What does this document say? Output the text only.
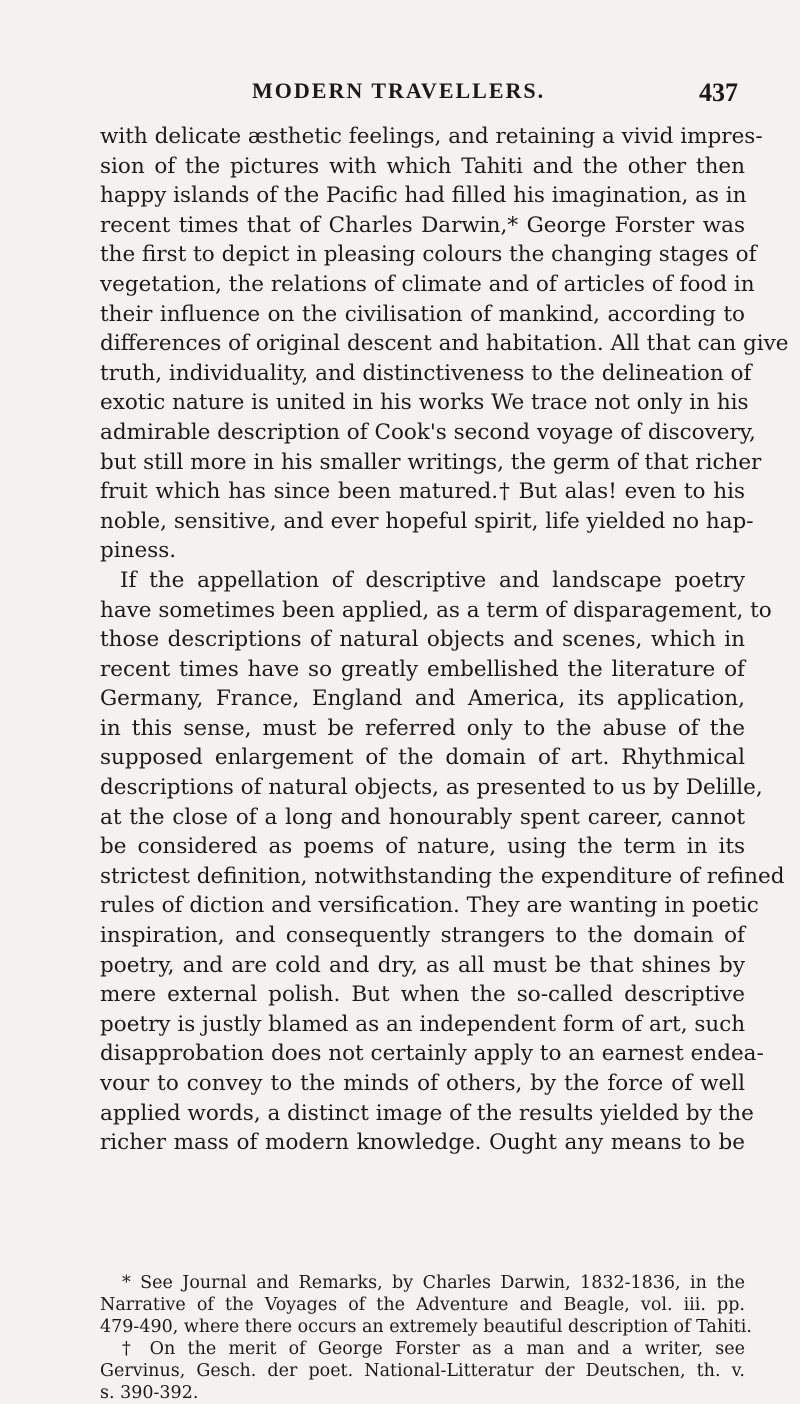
MODERN TRAVELLERS.	437
with delicate æsthetic feelings, and retaining a vivid impres-
sion of the pictures with which Tahiti and the other then
happy islands of the Pacific had filled his imagination, as in
recent times that of Charles Darwin,* George Forster was
the first to depict in pleasing colours the changing stages of
vegetation, the relations of climate and of articles of food in
their influence on the civilisation of mankind, according to
differences of original descent and habitation. All that can give
truth, individuality, and distinctiveness to the delineation of
exotic nature is united in his works We trace not only in his
admirable description of Cook's second voyage of discovery,
but still more in his smaller writings, the germ of that richer
fruit which has since been matured.† But alas! even to his
noble, sensitive, and ever hopeful spirit, life yielded no hap-
piness.
If the appellation of descriptive and landscape poetry
have sometimes been applied, as a term of disparagement, to
those descriptions of natural objects and scenes, which in
recent times have so greatly embellished the literature of
Germany, France, England and America, its application,
in this sense, must be referred only to the abuse of the
supposed enlargement of the domain of art. Rhythmical
descriptions of natural objects, as presented to us by Delille,
at the close of a long and honourably spent career, cannot
be considered as poems of nature, using the term in its
strictest definition, notwithstanding the expenditure of refined
rules of diction and versification. They are wanting in poetic
inspiration, and consequently strangers to the domain of
poetry, and are cold and dry, as all must be that shines by
mere external polish. But when the so-called descriptive
poetry is justly blamed as an independent form of art, such
disapprobation does not certainly apply to an earnest endea-
vour to convey to the minds of others, by the force of well
applied words, a distinct image of the results yielded by the
richer mass of modern knowledge. Ought any means to be
* See Journal and Remarks, by Charles Darwin, 1832-1836, in the
Narrative of the Voyages of the Adventure and Beagle, vol. iii. pp.
479-490, where there occurs an extremely beautiful description of Tahiti.
† On the merit of George Forster as a man and a writer, see
Gervinus, Gesch. der poet. National-Litteratur der Deutschen, th. v.
s. 390-392.
